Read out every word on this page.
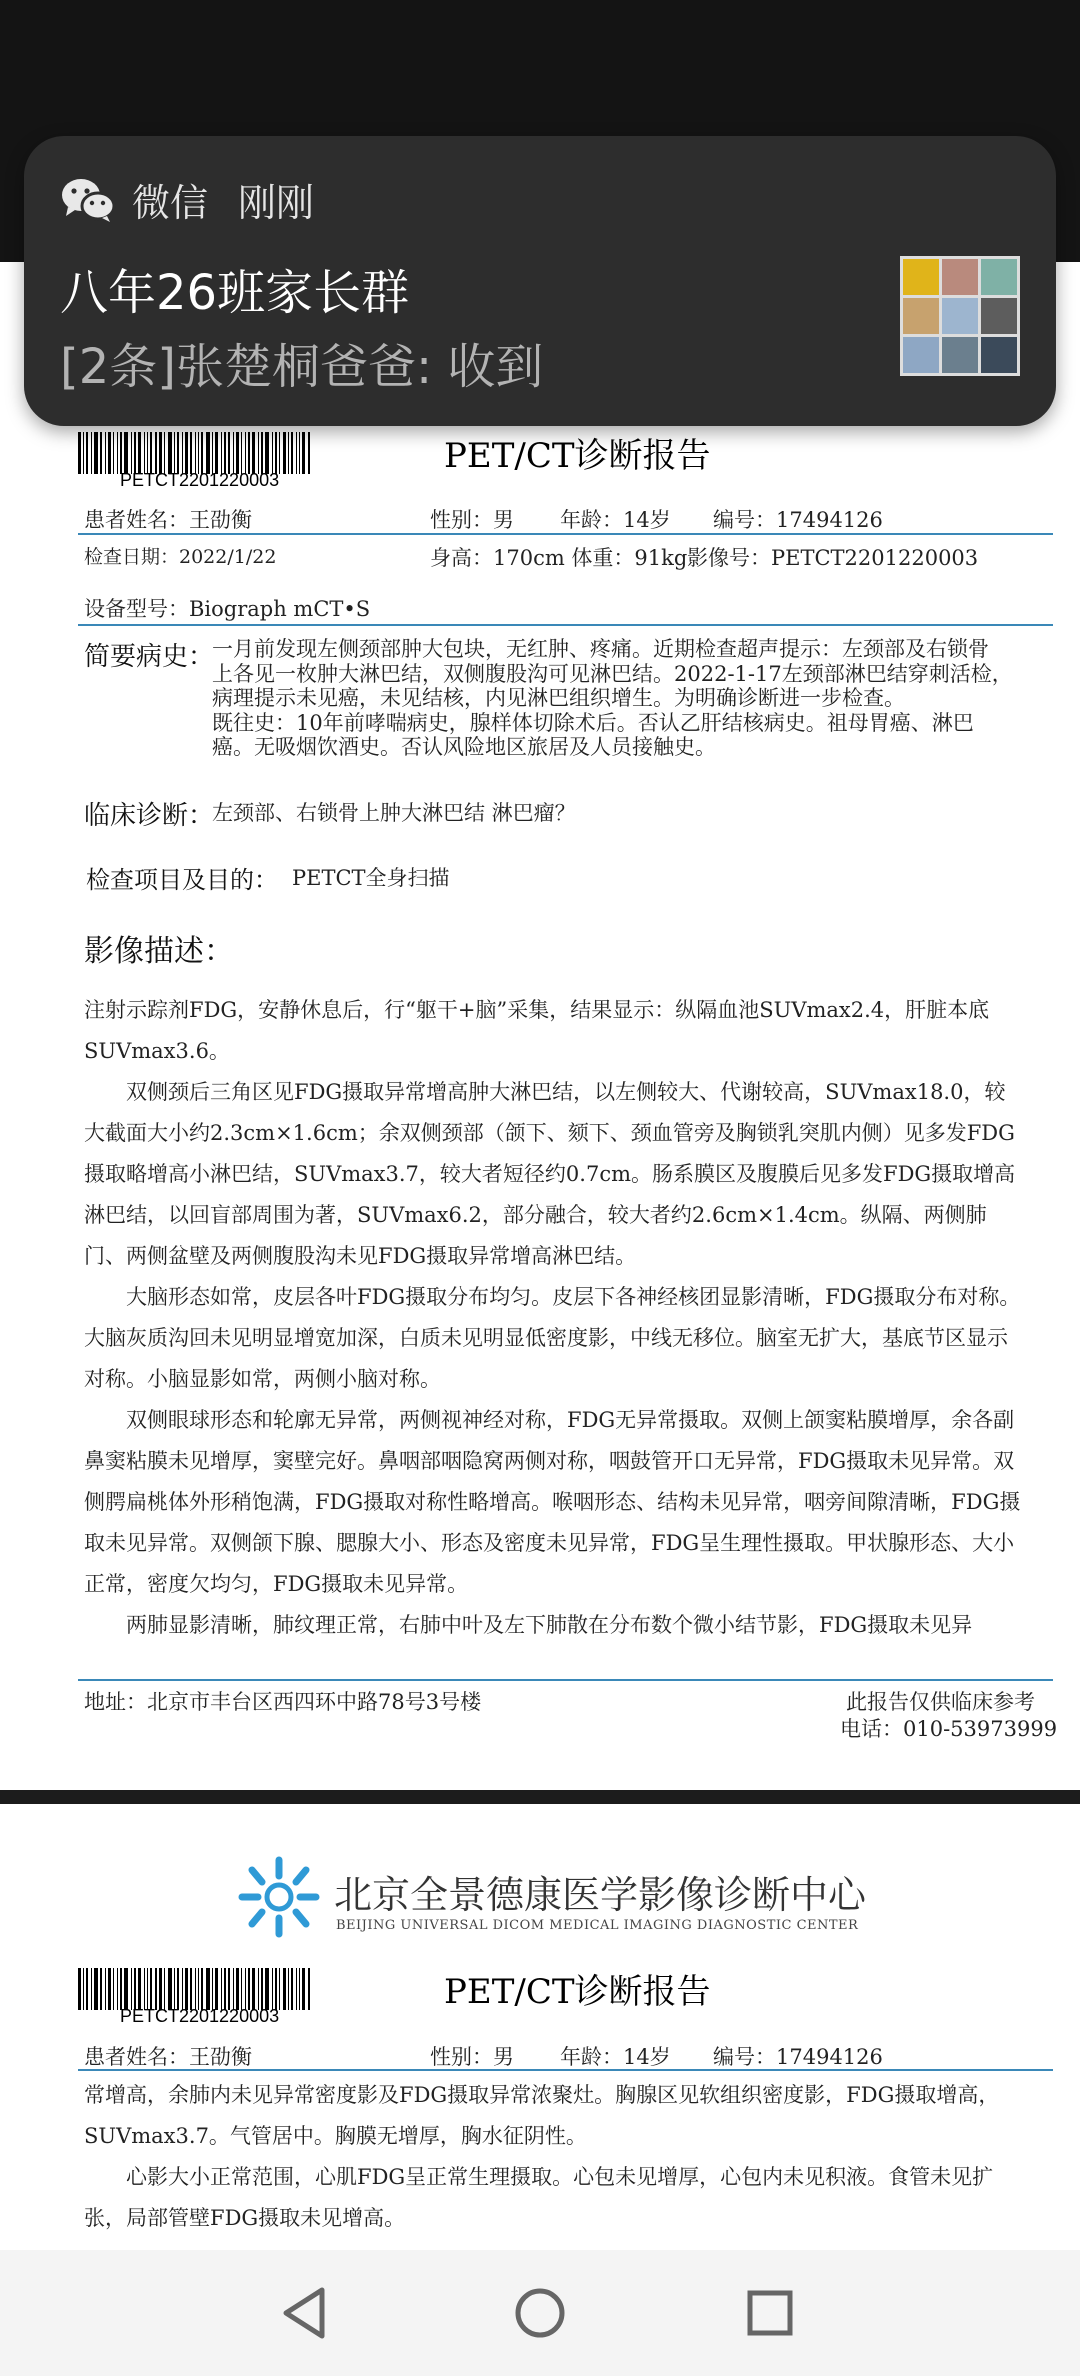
PETCT2201220003
PET/CT诊断报告
患者姓名：王劭衡	性别：男 年龄：14岁 编号：17494126
检查日期：2022/1/22	身高：170cm 体重：91kg 影像号：PETCT2201220003
设备型号：Biograph mCT•S
简要病史：
一月前发现左侧颈部肿大包块，无红肿、疼痛。近期检查超声提示：左颈部及右锁骨
上各见一枚肿大淋巴结，双侧腹股沟可见淋巴结。2022-1-17左颈部淋巴结穿刺活检，
病理提示未见癌，未见结核，内见淋巴组织增生。为明确诊断进一步检查。
既往史：10年前哮喘病史，腺样体切除术后。否认乙肝结核病史。祖母胃癌、淋巴
癌。无吸烟饮酒史。否认风险地区旅居及人员接触史。
临床诊断：
左颈部、右锁骨上肿大淋巴结 淋巴瘤？
检查项目及目的： PETCT全身扫描
影像描述：
注射示踪剂FDG，安静休息后，行“躯干+脑”采集，结果显示：纵隔血池SUVmax2.4，肝脏本底SUVmax3.6。
双侧颈后三角区见FDG摄取异常增高肿大淋巴结，以左侧较大、代谢较高，SUVmax18.0，较大截面大小约2.3cm×1.6cm；余双侧颈部（颌下、颏下、颈血管旁及胸锁乳突肌内侧）见多发FDG摄取略增高小淋巴结，SUVmax3.7，较大者短径约0.7cm。肠系膜区及腹膜后见多发FDG摄取增高淋巴结，以回盲部周围为著，SUVmax6.2，部分融合，较大者约2.6cm×1.4cm。纵隔、两侧肺门、两侧盆壁及两侧腹股沟未见FDG摄取异常增高淋巴结。
大脑形态如常，皮层各叶FDG摄取分布均匀。皮层下各神经核团显影清晰，FDG摄取分布对称。大脑灰质沟回未见明显增宽加深，白质未见明显低密度影，中线无移位。脑室无扩大，基底节区显示对称。小脑显影如常，两侧小脑对称。
双侧眼球形态和轮廓无异常，两侧视神经对称，FDG无异常摄取。双侧上颌窦粘膜增厚，余各副鼻窦粘膜未见增厚，窦壁完好。鼻咽部咽隐窝两侧对称，咽鼓管开口无异常，FDG摄取未见异常。双侧腭扁桃体外形稍饱满，FDG摄取对称性略增高。喉咽形态、结构未见异常，咽旁间隙清晰，FDG摄取未见异常。双侧颌下腺、腮腺大小、形态及密度未见异常，FDG呈生理性摄取。甲状腺形态、大小正常，密度欠均匀，FDG摄取未见异常。
两肺显影清晰，肺纹理正常，右肺中叶及左下肺散在分布数个微小结节影，FDG摄取未见异
地址：北京市丰台区西四环中路78号3号楼	此报告仅供临床参考
电话：010-53973999
北京全景德康医学影像诊断中心
BEIJING UNIVERSAL DICOM MEDICAL IMAGING DIAGNOSTIC CENTER
PETCT2201220003
PET/CT诊断报告
患者姓名：王劭衡	性别：男 年龄：14岁 编号：17494126
常增高，余肺内未见异常密度影及FDG摄取异常浓聚灶。胸腺区见软组织密度影，FDG摄取增高，SUVmax3.7。气管居中。胸膜无增厚，胸水征阴性。
心影大小正常范围，心肌FDG呈正常生理摄取。心包未见增厚，心包内未见积液。食管未见扩张，局部管壁FDG摄取未见增高。
微信 刚刚
八年26班家长群
[2条]张楚桐爸爸: 收到
